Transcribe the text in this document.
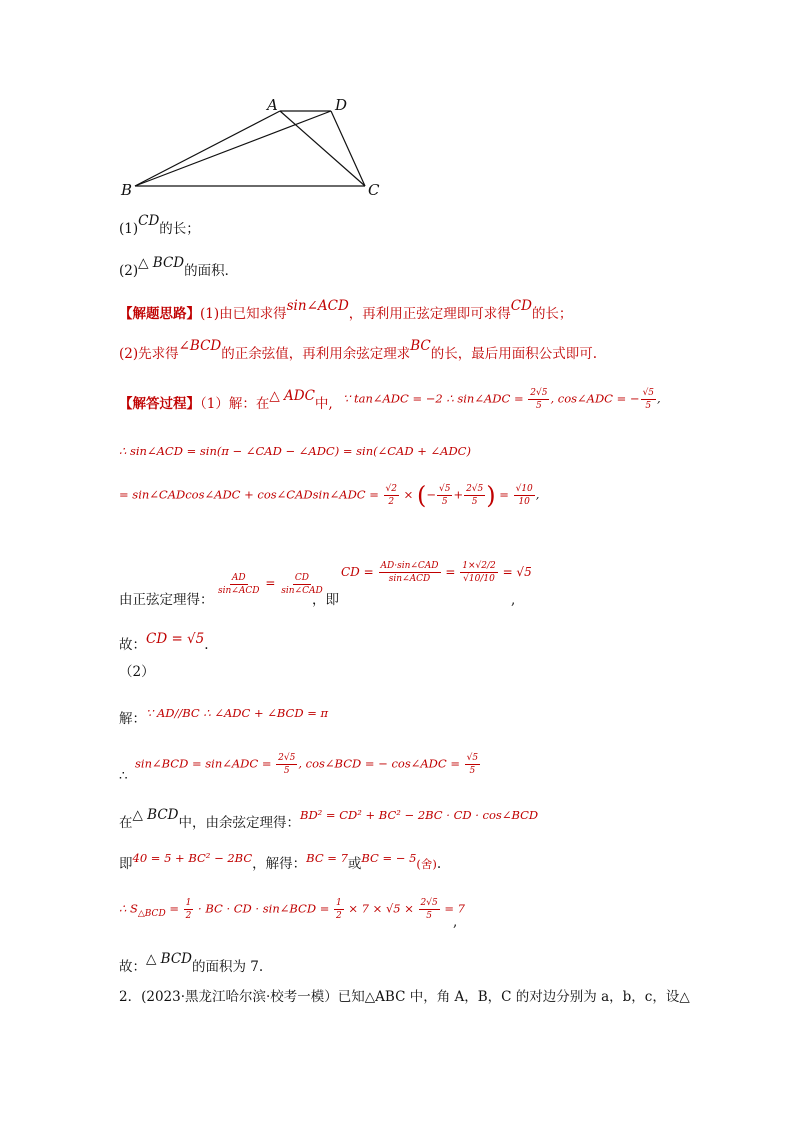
A	D
B	C
(1)CD的长；
(2)△ BCD的面积．
【解题思路】(1)由已知求得sin∠ACD，再利用正弦定理即可求得CD的长；
(2)先求得∠BCD的正余弦值，再利用余弦定理求BC的长，最后用面积公式即可.
【解答过程】（1）解：在△ ADC中, ∵ tan∠ADC = −2 ∴ sin∠ADC = $\frac{2√5}{5}$ , cos∠ADC = − $\frac{√5}{5}$ ,
∴ sin∠ACD = sin(π − ∠CAD − ∠ADC) = sin(∠CAD + ∠ADC)
= sin∠CADcos∠ADC + cos∠CADsin∠ADC = $\frac{√2}{2}$ × (− $\frac{√5}{5} + \frac{2√5}{5}$ ) = $\frac{√10}{10}$ ,
由正弦定理得：
$\frac{AD}{\text{sin∠ACD}} = \frac{CD}{\text{sin∠CAD}}$
，即
CD = $\frac{\text{AD·sin∠CAD}}{\text{sin∠ACD}} = \frac{1\times√2/2}{√10/10} = √5$
,
故：CD = √5.
（2）
解：∵ AD//BC ∴ ∠ADC + ∠BCD = π
∴
sin∠BCD = sin∠ADC = $\frac{2√5}{5}$ , cos∠BCD = − cos∠ADC = $\frac{√5}{5}$
在△ BCD中，由余弦定理得：BD² = CD² + BC² − 2BC · CD · cos∠BCD
即40 = 5 + BC² − 2BC，解得：BC = 7或BC = − 5(舍).
∴ $S_{\triangle BCD} = \frac{1}{2}$ · BC · CD · sin∠BCD = $\frac{1}{2} \times 7 \times √5 \times \frac{2√5}{5} = 7$
,
故：△ BCD的面积为 7.
2．(2023·黑龙江哈尔滨·校考一模）已知△ABC 中，角 A，B，C 的对边分别为 a，b，c，设△
